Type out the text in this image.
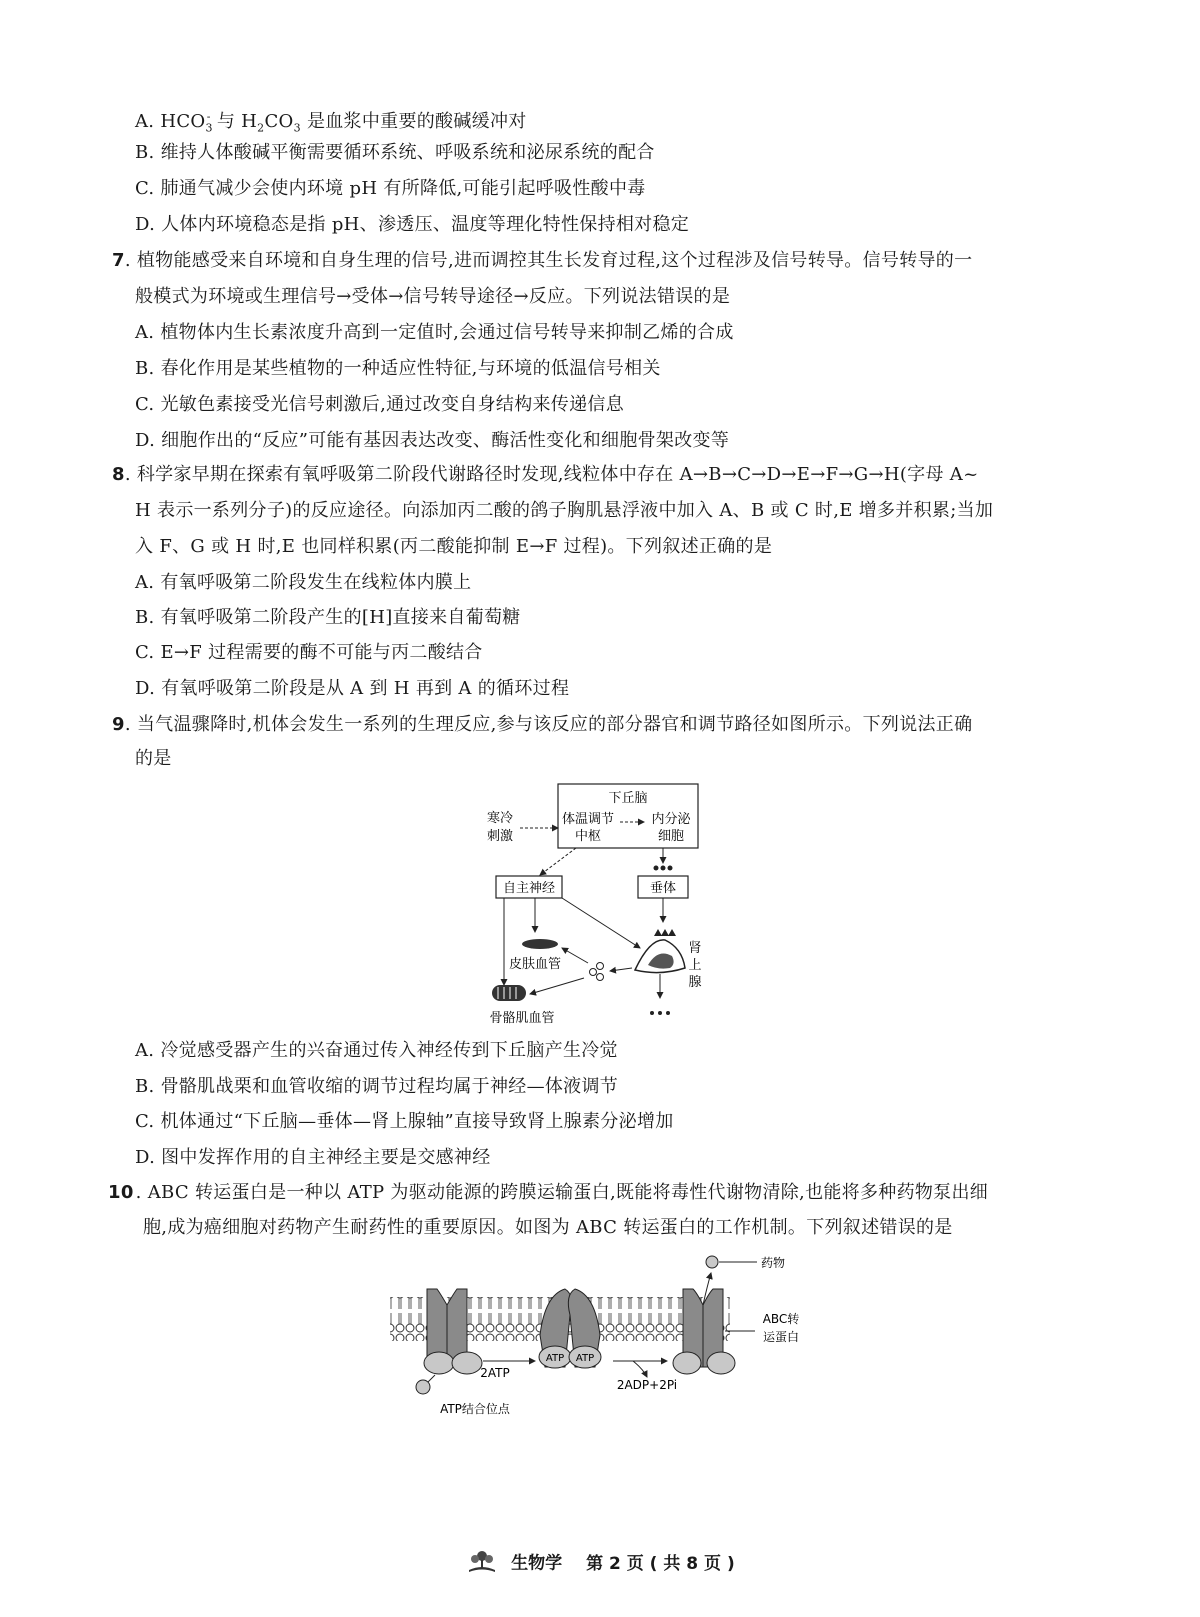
A. $HCO_3^-$ 与 $H_2CO_3$ 是血浆中重要的酸碱缓冲对
B. 维持人体酸碱平衡需要循环系统、呼吸系统和泌尿系统的配合
C. 肺通气减少会使内环境 pH 有所降低,可能引起呼吸性酸中毒
D. 人体内环境稳态是指 pH、渗透压、温度等理化特性保持相对稳定
7. 植物能感受来自环境和自身生理的信号,进而调控其生长发育过程,这个过程涉及信号转导。信号转导的一
般模式为环境或生理信号→受体→信号转导途径→反应。下列说法错误的是
A. 植物体内生长素浓度升高到一定值时,会通过信号转导来抑制乙烯的合成
B. 春化作用是某些植物的一种适应性特征,与环境的低温信号相关
C. 光敏色素接受光信号刺激后,通过改变自身结构来传递信息
D. 细胞作出的“反应”可能有基因表达改变、酶活性变化和细胞骨架改变等
8. 科学家早期在探索有氧呼吸第二阶段代谢路径时发现,线粒体中存在 A→B→C→D→E→F→G→H(字母 A~
H 表示一系列分子)的反应途径。向添加丙二酸的鸽子胸肌悬浮液中加入 A、B 或 C 时,E 增多并积累;当加
入 F、G 或 H 时,E 也同样积累(丙二酸能抑制 E→F 过程)。下列叙述正确的是
A. 有氧呼吸第二阶段发生在线粒体内膜上
B. 有氧呼吸第二阶段产生的[H]直接来自葡萄糖
C. E→F 过程需要的酶不可能与丙二酸结合
D. 有氧呼吸第二阶段是从 A 到 H 再到 A 的循环过程
9. 当气温骤降时,机体会发生一系列的生理反应,参与该反应的部分器官和调节路径如图所示。下列说法正确
的是
下丘脑
体温调节
中枢
内分泌
细胞
寒冷
刺激
自主神经	垂体
肾
上
腺
皮肤血管
骨骼肌血管
A. 冷觉感受器产生的兴奋通过传入神经传到下丘脑产生冷觉
B. 骨骼肌战栗和血管收缩的调节过程均属于神经—体液调节
C. 机体通过“下丘脑—垂体—肾上腺轴”直接导致肾上腺素分泌增加
D. 图中发挥作用的自主神经主要是交感神经
10 . ABC 转运蛋白是一种以 ATP 为驱动能源的跨膜运输蛋白,既能将毒性代谢物清除,也能将多种药物泵出细
胞,成为癌细胞对药物产生耐药性的重要原因。如图为 ABC 转运蛋白的工作机制。下列叙述错误的是
ATP结合位点
2ATP
ATP ATP
2ADP+2Pi
药物
ABC转
运蛋白
生物学 第 2 页 ( 共 8 页 )
